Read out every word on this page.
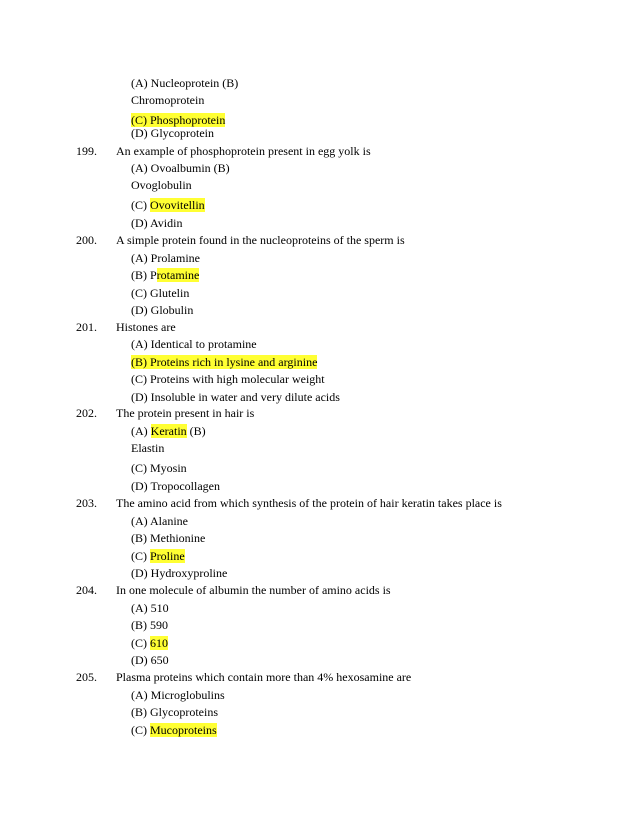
(A) Nucleoprotein (B)
Chromoprotein
(C) Phosphoprotein
(D) Glycoprotein
199. An example of phosphoprotein present in egg yolk is
(A) Ovoalbumin (B)
Ovoglobulin
(C) Ovovitellin
(D) Avidin
200. A simple protein found in the nucleoproteins of the sperm is
(A) Prolamine
(B) Protamine
(C) Glutelin
(D) Globulin
201. Histones are
(A) Identical to protamine
(B) Proteins rich in lysine and arginine
(C) Proteins with high molecular weight
(D) Insoluble in water and very dilute acids
202. The protein present in hair is
(A) Keratin (B)
Elastin
(C) Myosin
(D) Tropocollagen
203. The amino acid from which synthesis of the protein of hair keratin takes place is
(A) Alanine
(B) Methionine
(C) Proline
(D) Hydroxyproline
204. In one molecule of albumin the number of amino acids is
(A) 510
(B) 590
(C) 610
(D) 650
205. Plasma proteins which contain more than 4% hexosamine are
(A) Microglobulins
(B) Glycoproteins
(C) Mucoproteins
